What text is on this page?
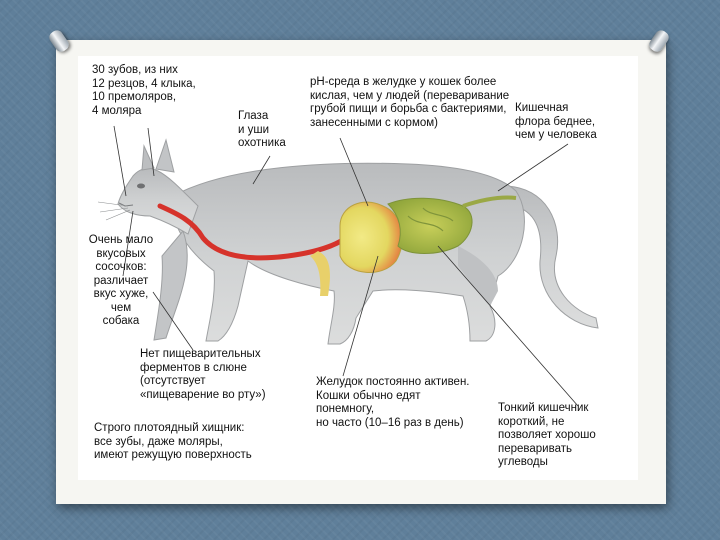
30 зубов, из них
12 резцов, 4 клыка,
10 премоляров,
4 моляра	Глаза
и уши
охотника
pH-среда в желудке у кошек более
кислая, чем у людей (переваривание
грубой пищи и борьба с бактериями,
занесенными с кормом)
Кишечная
флора беднее,
чем у человека
Очень мало
вкусовых
сосочков:
различает
вкус хуже,
чем
собака
Нет пищеварительных
ферментов в слюне
(отсутствует
«пищеварение во рту»)
Желудок постоянно активен.
Кошки обычно едят
понемногу,
но часто (10–16 раз в день)
Тонкий кишечник
короткий, не
позволяет хорошо
переваривать
углеводы
Строго плотоядный хищник:
все зубы, даже моляры,
имеют режущую поверхность
